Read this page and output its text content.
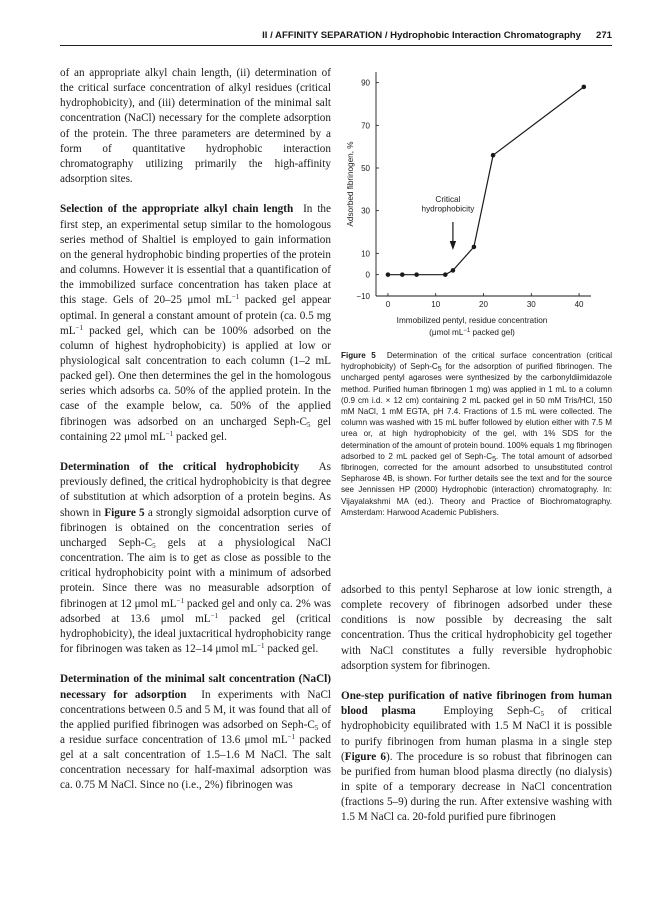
II / AFFINITY SEPARATION / Hydrophobic Interaction Chromatography 271

of an appropriate alkyl chain length, (ii) determination of the critical surface concentration of alkyl residues (critical hydrophobicity), and (iii) determination of the minimal salt concentration (NaCl) necessary for the complete adsorption of the protein. The three parameters are determined by a form of quantitative hydrophobic interaction chromatography utilizing primarily the high-affinity adsorption sites.

Selection of the appropriate alkyl chain length In the first step, an experimental setup similar to the homologous series method of Shaltiel is employed to gain information on the general hydrophobic binding properties of the protein and columns. However it is essential that a quantification of the immobilized surface concentration has taken place at this stage. Gels of 20–25 μmol $mL^{-1}$ packed gel appear optimal. In general a constant amount of protein (ca. 0.5 mg $mL^{-1}$ packed gel, which can be 100% adsorbed on the column of highest hydrophobicity) is applied at low or physiological salt concentration to each column (1–2 mL packed gel). One then determines the gel in the homologous series which adsorbs ca. 50% of the applied protein. In the case of the example below, ca. 50% of the applied fibrinogen was adsorbed on an uncharged Seph-$C_5$ gel containing 22 μmol $mL^{-1}$ packed gel.

Determination of the critical hydrophobicity As previously defined, the critical hydrophobicity is that degree of substitution at which adsorption of a protein begins. As shown in Figure 5 a strongly sigmoidal adsorption curve of fibrinogen is obtained on the concentration series of uncharged Seph-$C_5$ gels at a physiological NaCl concentration. The aim is to get as close as possible to the critical hydrophobicity point with a minimum of adsorbed protein. Since there was no measurable adsorption of fibrinogen at 12 μmol $mL^{-1}$ packed gel and only ca. 2% was adsorbed at 13.6 μmol $mL^{-1}$ packed gel (critical hydrophobicity), the ideal juxtacritical hydrophobicity range for fibrinogen was taken as 12–14 μmol $mL^{-1}$ packed gel.

Determination of the minimal salt concentration (NaCl) necessary for adsorption In experiments with NaCl concentrations between 0.5 and 5 M, it was found that all of the applied purified fibrinogen was adsorbed on Seph-$C_5$ of a residue surface concentration of 13.6 μmol $mL^{-1}$ packed gel at a salt concentration of 1.5–1.6 M NaCl. The salt concentration necessary for half-maximal adsorption was ca. 0.75 M NaCl. Since no (i.e., 2%) fibrinogen was

−10
0
10
30
50
70
90
0	10	20	30	40
Critical
hydrophobicity
Adsorbed fibrinogen, %
Immobilized pentyl, residue concentration
(μmol $mL^{-1}$ packed gel)
Figure 5 Determination of the critical surface concentration (critical hydrophobicity) of Seph-$C_5$ for the adsorption of purified fibrinogen. The uncharged pentyl agaroses were synthesized by the carbonyldiimidazole method. Purified human fibrinogen 1 mg) was applied in 1 mL to a column (0.9 cm i.d. × 12 cm) containing 2 mL packed gel in 50 mM Tris/HCl, 150 mM NaCl, 1 mM EGTA, pH 7.4. Fractions of 1.5 mL were collected. The column was washed with 15 mL buffer followed by elution either with 7.5 M urea or, at high hydrophobicity of the gel, with 1% SDS for the determination of the amount of protein bound. 100% equals 1 mg fibrinogen adsorbed to 2 mL packed gel of Seph-$C_5$. The total amount of adsorbed fibrinogen, corrected for the amount adsorbed to unsubstituted control Sepharose 4B, is shown. For further details see the text and for the source see Jennissen HP (2000) Hydrophobic (interaction) chromatography. In: Vijayalakshmi MA (ed.). Theory and Practice of Biochromatography. Amsterdam: Harwood Academic Publishers.

adsorbed to this pentyl Sepharose at low ionic strength, a complete recovery of fibrinogen adsorbed under these conditions is now possible by decreasing the salt concentration. Thus the critical hydrophobicity gel together with NaCl constitutes a fully reversible hydrophobic adsorption system for fibrinogen.

One-step purification of native fibrinogen from human blood plasma Employing Seph-$C_5$ of critical hydrophobicity equilibrated with 1.5 M NaCl it is possible to purify fibrinogen from human plasma in a single step (Figure 6). The procedure is so robust that fibrinogen can be purified from human blood plasma directly (no dialysis) in spite of a temporary decrease in NaCl concentration (fractions 5–9) during the run. After extensive washing with 1.5 M NaCl ca. 20-fold purified pure fibrinogen
